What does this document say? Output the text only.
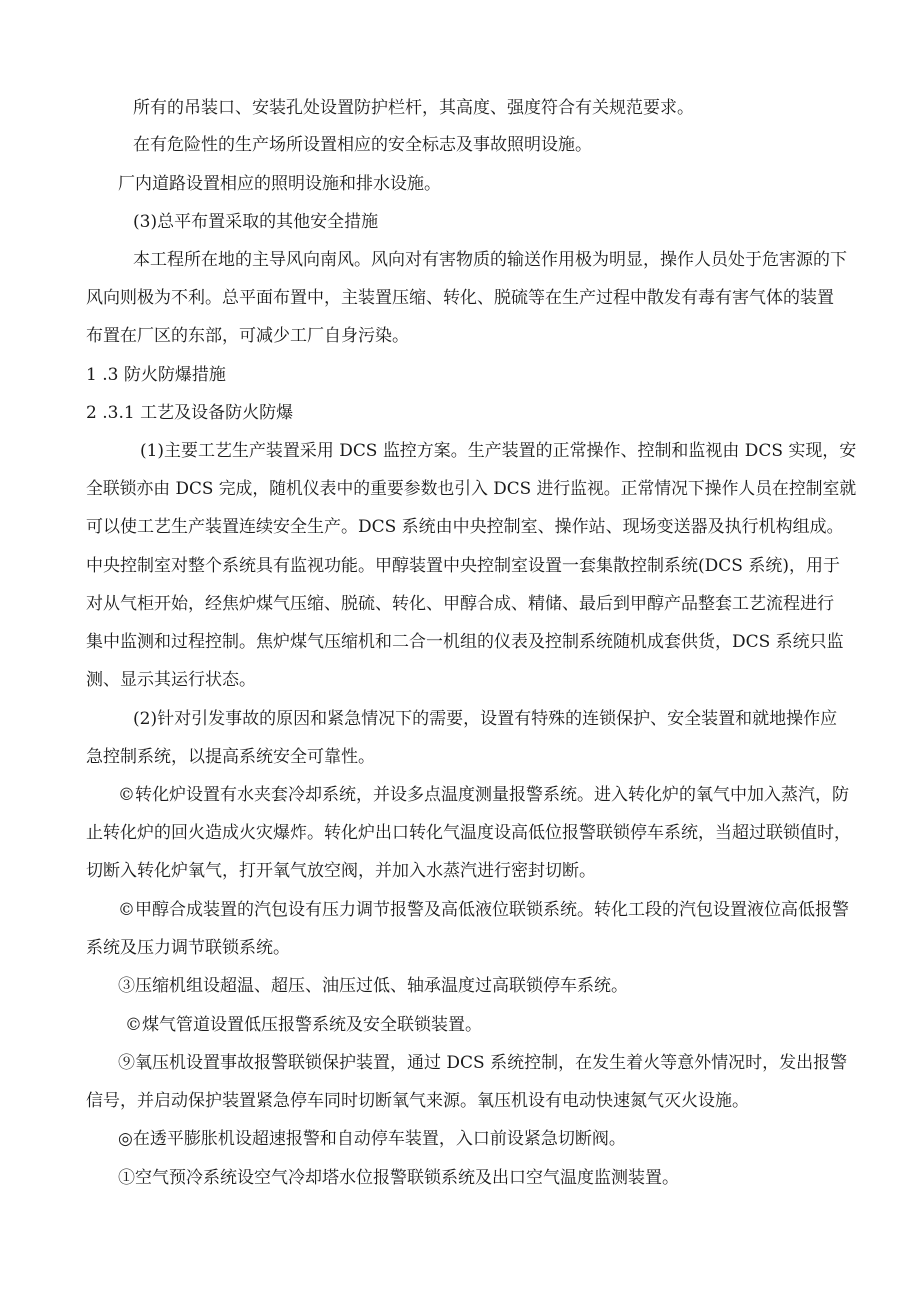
所有的吊装口、安装孔处设置防护栏杆，其高度、强度符合有关规范要求。
在有危险性的生产场所设置相应的安全标志及事故照明设施。
厂内道路设置相应的照明设施和排水设施。
(3)总平布置采取的其他安全措施
本工程所在地的主导风向南风。风向对有害物质的输送作用极为明显，操作人员处于危害源的下
风向则极为不利。总平面布置中，主装置压缩、转化、脱硫等在生产过程中散发有毒有害气体的装置
布置在厂区的东部，可减少工厂自身污染。
1 .3 防火防爆措施
2 .3.1 工艺及设备防火防爆
(1)主要工艺生产装置采用 DCS 监控方案。生产装置的正常操作、控制和监视由 DCS 实现，安
全联锁亦由 DCS 完成，随机仪表中的重要参数也引入 DCS 进行监视。正常情况下操作人员在控制室就
可以使工艺生产装置连续安全生产。DCS 系统由中央控制室、操作站、现场变送器及执行机构组成。
中央控制室对整个系统具有监视功能。甲醇装置中央控制室设置一套集散控制系统(DCS 系统)，用于
对从气柜开始，经焦炉煤气压缩、脱硫、转化、甲醇合成、精储、最后到甲醇产品整套工艺流程进行
集中监测和过程控制。焦炉煤气压缩机和二合一机组的仪表及控制系统随机成套供货，DCS 系统只监
测、显示其运行状态。
(2)针对引发事故的原因和紧急情况下的需要，设置有特殊的连锁保护、安全装置和就地操作应
急控制系统，以提高系统安全可靠性。
©转化炉设置有水夹套冷却系统，并设多点温度测量报警系统。进入转化炉的氧气中加入蒸汽，防
止转化炉的回火造成火灾爆炸。转化炉出口转化气温度设高低位报警联锁停车系统，当超过联锁值时，
切断入转化炉氧气，打开氧气放空阀，并加入水蒸汽进行密封切断。
©甲醇合成装置的汽包设有压力调节报警及高低液位联锁系统。转化工段的汽包设置液位高低报警
系统及压力调节联锁系统。
③压缩机组设超温、超压、油压过低、轴承温度过高联锁停车系统。
©煤气管道设置低压报警系统及安全联锁装置。
⑨氧压机设置事故报警联锁保护装置，通过 DCS 系统控制，在发生着火等意外情况时，发出报警
信号，并启动保护装置紧急停车同时切断氧气来源。氧压机设有电动快速氮气灭火设施。
◎在透平膨胀机设超速报警和自动停车装置，入口前设紧急切断阀。
①空气预冷系统设空气冷却塔水位报警联锁系统及出口空气温度监测装置。
